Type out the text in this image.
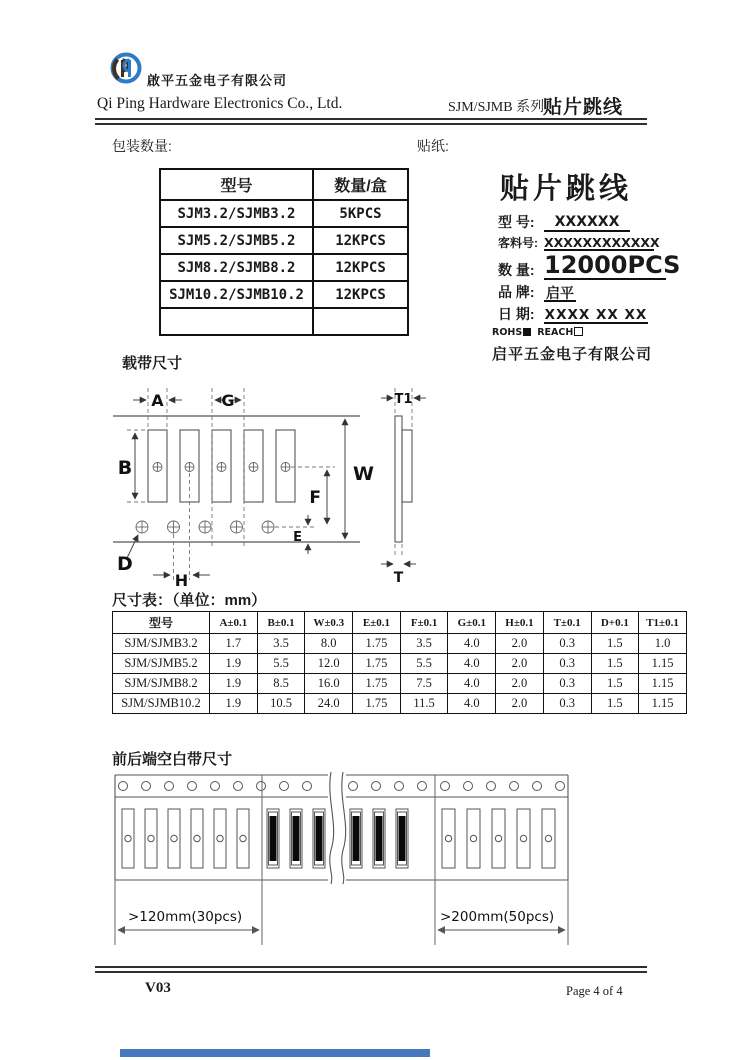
啟平五金电子有限公司
Qi Ping Hardware Electronics Co., Ltd.	SJM/SJMB 系列
贴片跳线
包装数量:	贴纸:
型号	数量/盒
SJM3.2/SJMB3.2	5KPCS
SJM5.2/SJMB5.2	12KPCS
SJM8.2/SJMB8.2	12KPCS
SJM10.2/SJMB10.2	12KPCS

贴片跳线
型 号:	XXXXXX
客料号: XXXXXXXXXXXX
数 量: 12000PCS
品 牌: 启平
日 期: XXXX XX XX
ROHS REACH
启平五金电子有限公司
载带尺寸
A	G	T1
B	W
F
E
D
H	T
尺寸表：（单位：mm）
型号	A±0.1	B±0.1	W±0.3	E±0.1	F±0.1	G±0.1	H±0.1	T±0.1	D+0.1	T1±0.1
SJM/SJMB3.2	1.7	3.5	8.0	1.75	3.5	4.0	2.0	0.3	1.5	1.0
SJM/SJMB5.2	1.9	5.5	12.0	1.75	5.5	4.0	2.0	0.3	1.5	1.15
SJM/SJMB8.2	1.9	8.5	16.0	1.75	7.5	4.0	2.0	0.3	1.5	1.15
SJM/SJMB10.2	1.9	10.5	24.0	1.75	11.5	4.0	2.0	0.3	1.5	1.15
前后端空白带尺寸
>120mm(30pcs)	>200mm(50pcs)
V03	Page 4 of 4
